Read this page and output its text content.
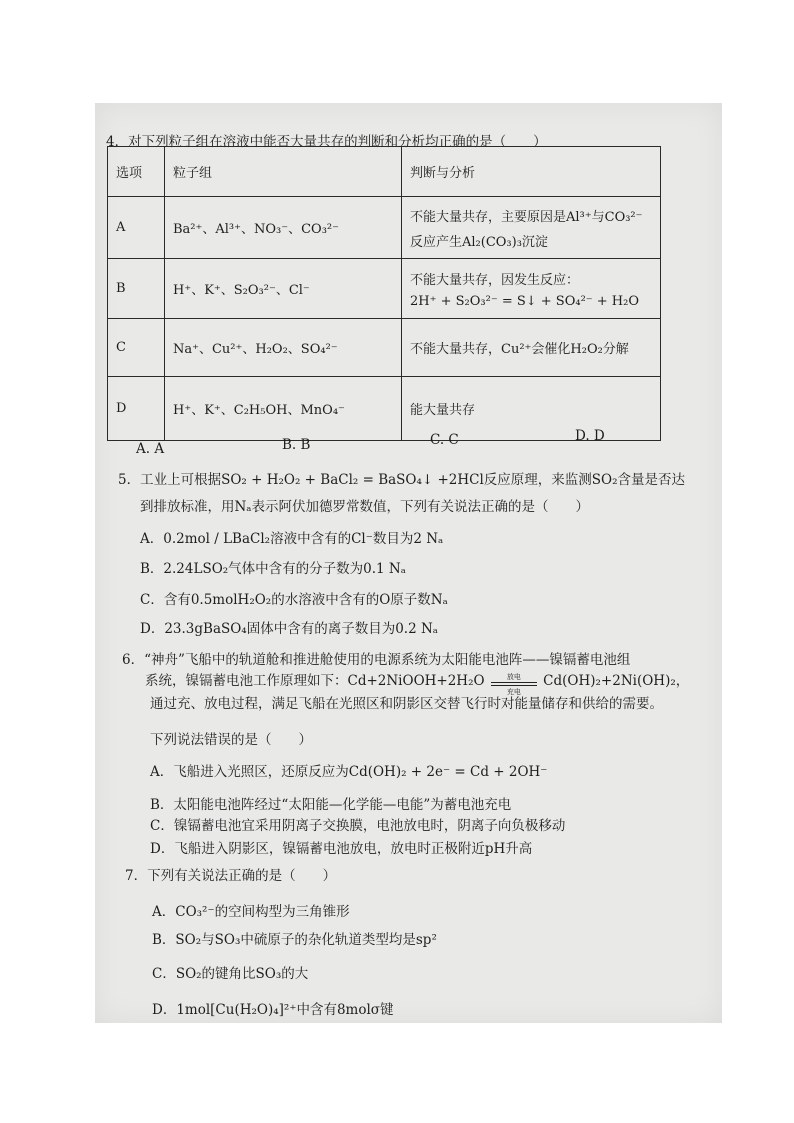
4．对下列粒子组在溶液中能否大量共存的判断和分析均正确的是（　　）
选项	粒子组	判断与分析
A	Ba²⁺、Al³⁺、NO₃⁻、CO₃²⁻	不能大量共存，主要原因是Al³⁺与CO₃²⁻
反应产生Al₂(CO₃)₃沉淀

B	H⁺、K⁺、S₂O₃²⁻、Cl⁻	不能大量共存，因发生反应：
2H⁺ + S₂O₃²⁻ = S↓ + SO₄²⁻ + H₂O

C	Na⁺、Cu²⁺、H₂O₂、SO₄²⁻	不能大量共存，Cu²⁺会催化H₂O₂分解
D	H⁺、K⁺、C₂H₅OH、MnO₄⁻	能大量共存
A. A	B. B	C. C	D. D
5．工业上可根据SO₂ + H₂O₂ + BaCl₂ = BaSO₄↓ +2HCl反应原理，来监测SO₂含量是否达
到排放标准，用Nₐ表示阿伏加德罗常数值，下列有关说法正确的是（　　）
A．0.2mol / LBaCl₂溶液中含有的Cl⁻数目为2 Nₐ
B．2.24LSO₂气体中含有的分子数为0.1 Nₐ
C．含有0.5molH₂O₂的水溶液中含有的O原子数Nₐ
D．23.3gBaSO₄固体中含有的离子数目为0.2 Nₐ
6．“神舟”飞船中的轨道舱和推进舱使用的电源系统为太阳能电池阵——镍镉蓄电池组
系统，镍镉蓄电池工作原理如下：Cd+2NiOOH+2H₂O	放电
充电
Cd(OH)₂+2Ni(OH)₂，
通过充、放电过程，满足飞船在光照区和阴影区交替飞行时对能量储存和供给的需要。
下列说法错误的是（　　）
A．飞船进入光照区，还原反应为Cd(OH)₂ + 2e⁻ = Cd + 2OH⁻
B．太阳能电池阵经过“太阳能—化学能—电能”为蓄电池充电
C．镍镉蓄电池宜采用阴离子交换膜，电池放电时，阴离子向负极移动
D．飞船进入阴影区，镍镉蓄电池放电，放电时正极附近pH升高
7．下列有关说法正确的是（　　）
A．CO₃²⁻的空间构型为三角锥形
B．SO₂与SO₃中硫原子的杂化轨道类型均是sp²
C．SO₂的键角比SO₃的大
D．1mol[Cu(H₂O)₄]²⁺中含有8molσ键
